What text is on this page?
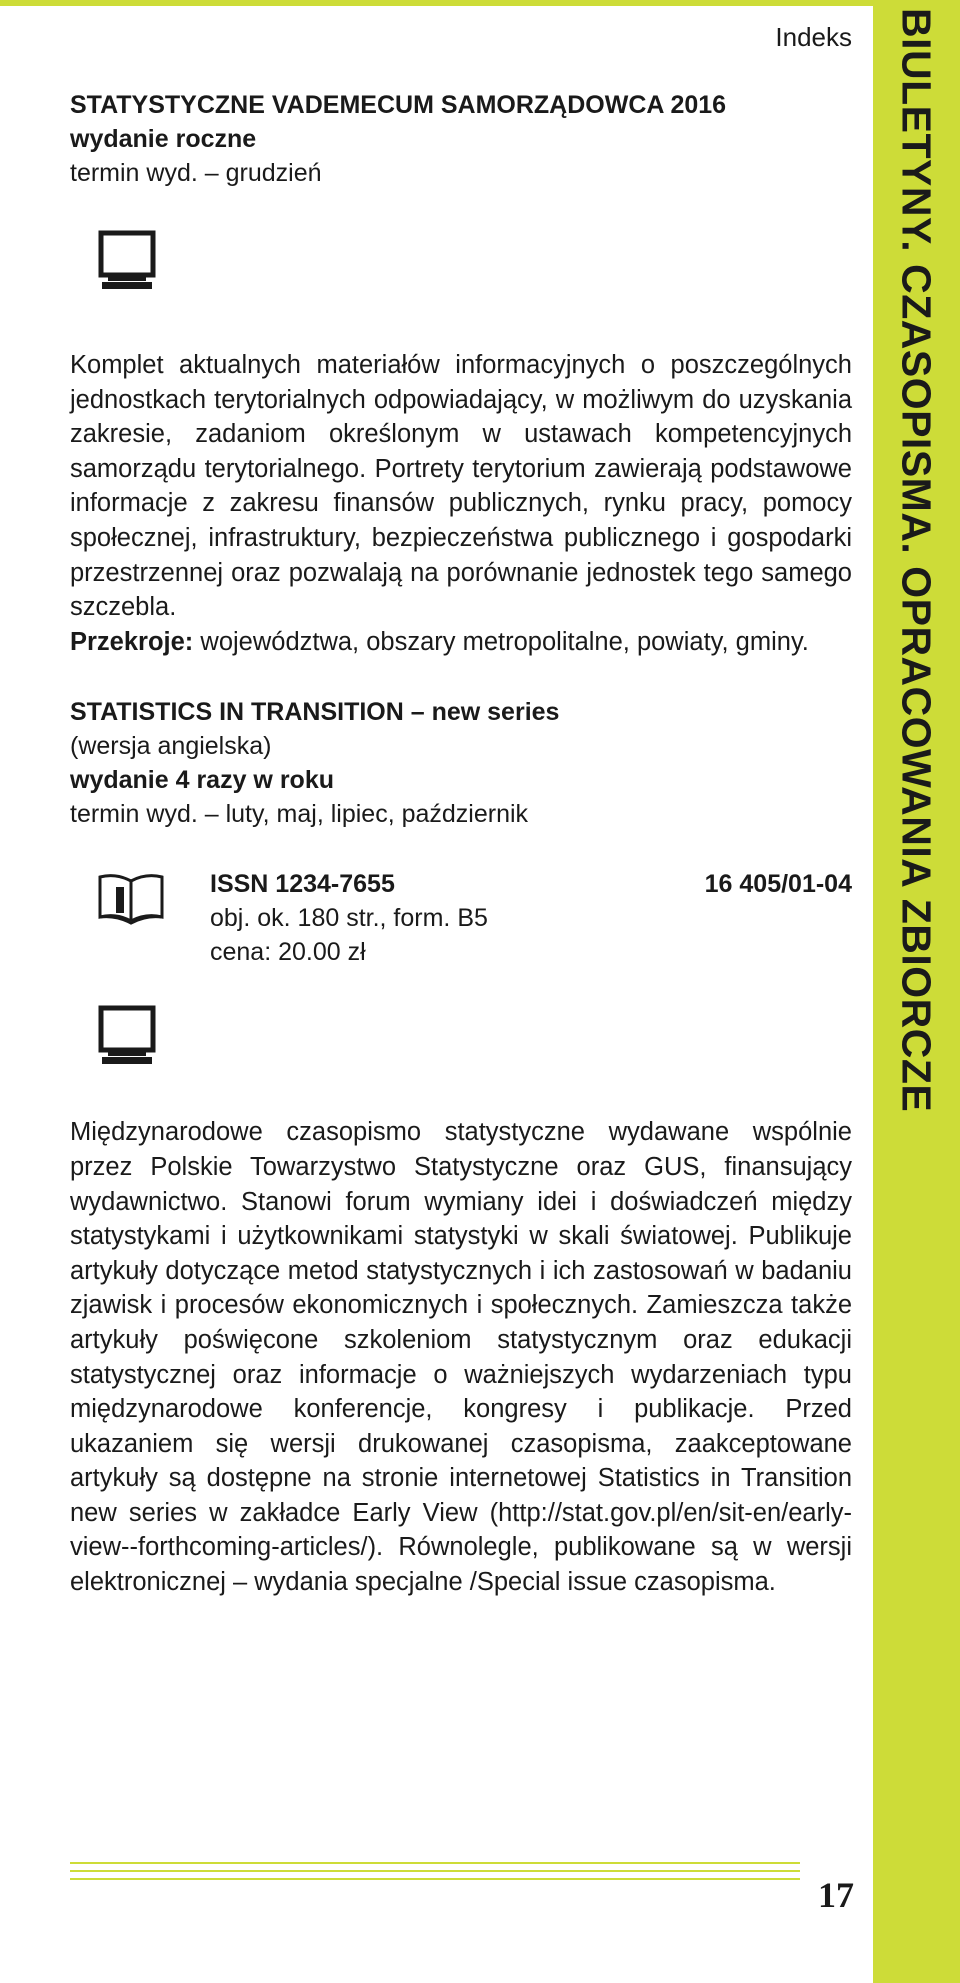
BIULETYNY. CZASOPISMA. OPRACOWANIA ZBIORCZE
Indeks
STATYSTYCZNE VADEMECUM SAMORZĄDOWCA 2016
wydanie roczne
termin wyd. – grudzień

Komplet aktualnych materiałów informacyjnych o poszczególnych jednostkach terytorialnych odpowiadający, w możliwym do uzyskania zakresie, zadaniom określonym w ustawach kompetencyjnych samorządu terytorialnego. Portrety terytorium zawierają podstawowe informacje z zakresu finansów publicznych, rynku pracy, pomocy społecznej, infrastruktury, bezpieczeństwa publicznego i gospodarki przestrzennej oraz pozwalają na porównanie jednostek tego samego szczebla.

Przekroje: województwa, obszary metropolitalne, powiaty, gminy.

STATISTICS IN TRANSITION – new series
(wersja angielska)
wydanie 4 razy w roku
termin wyd. – luty, maj, lipiec, październik
ISSN 1234-7655
obj. ok. 180 str., form. B5
cena: 20.00 zł
16 405/01-04

Międzynarodowe czasopismo statystyczne wydawane wspólnie przez Polskie Towarzystwo Statystyczne oraz GUS, finansujący wydawnictwo. Stanowi forum wymiany idei i doświadczeń między statystykami i użytkownikami statystyki w skali światowej. Publikuje artykuły dotyczące metod statystycznych i ich zastosowań w badaniu zjawisk i procesów ekonomicznych i społecznych. Zamieszcza także artykuły poświęcone szkoleniom statystycznym oraz edukacji statystycznej oraz informacje o ważniejszych wydarzeniach typu międzynarodowe konferencje, kongresy i publikacje. Przed ukazaniem się wersji drukowanej czasopisma, zaakceptowane artykuły są dostępne na stronie internetowej Statistics in Transition new series w zakładce Early View (http://stat.gov.pl/en/sit-en/early-view--forthcoming-articles/). Równolegle, publikowane są w wersji elektronicznej – wydania specjalne /Special issue czasopisma.

17
